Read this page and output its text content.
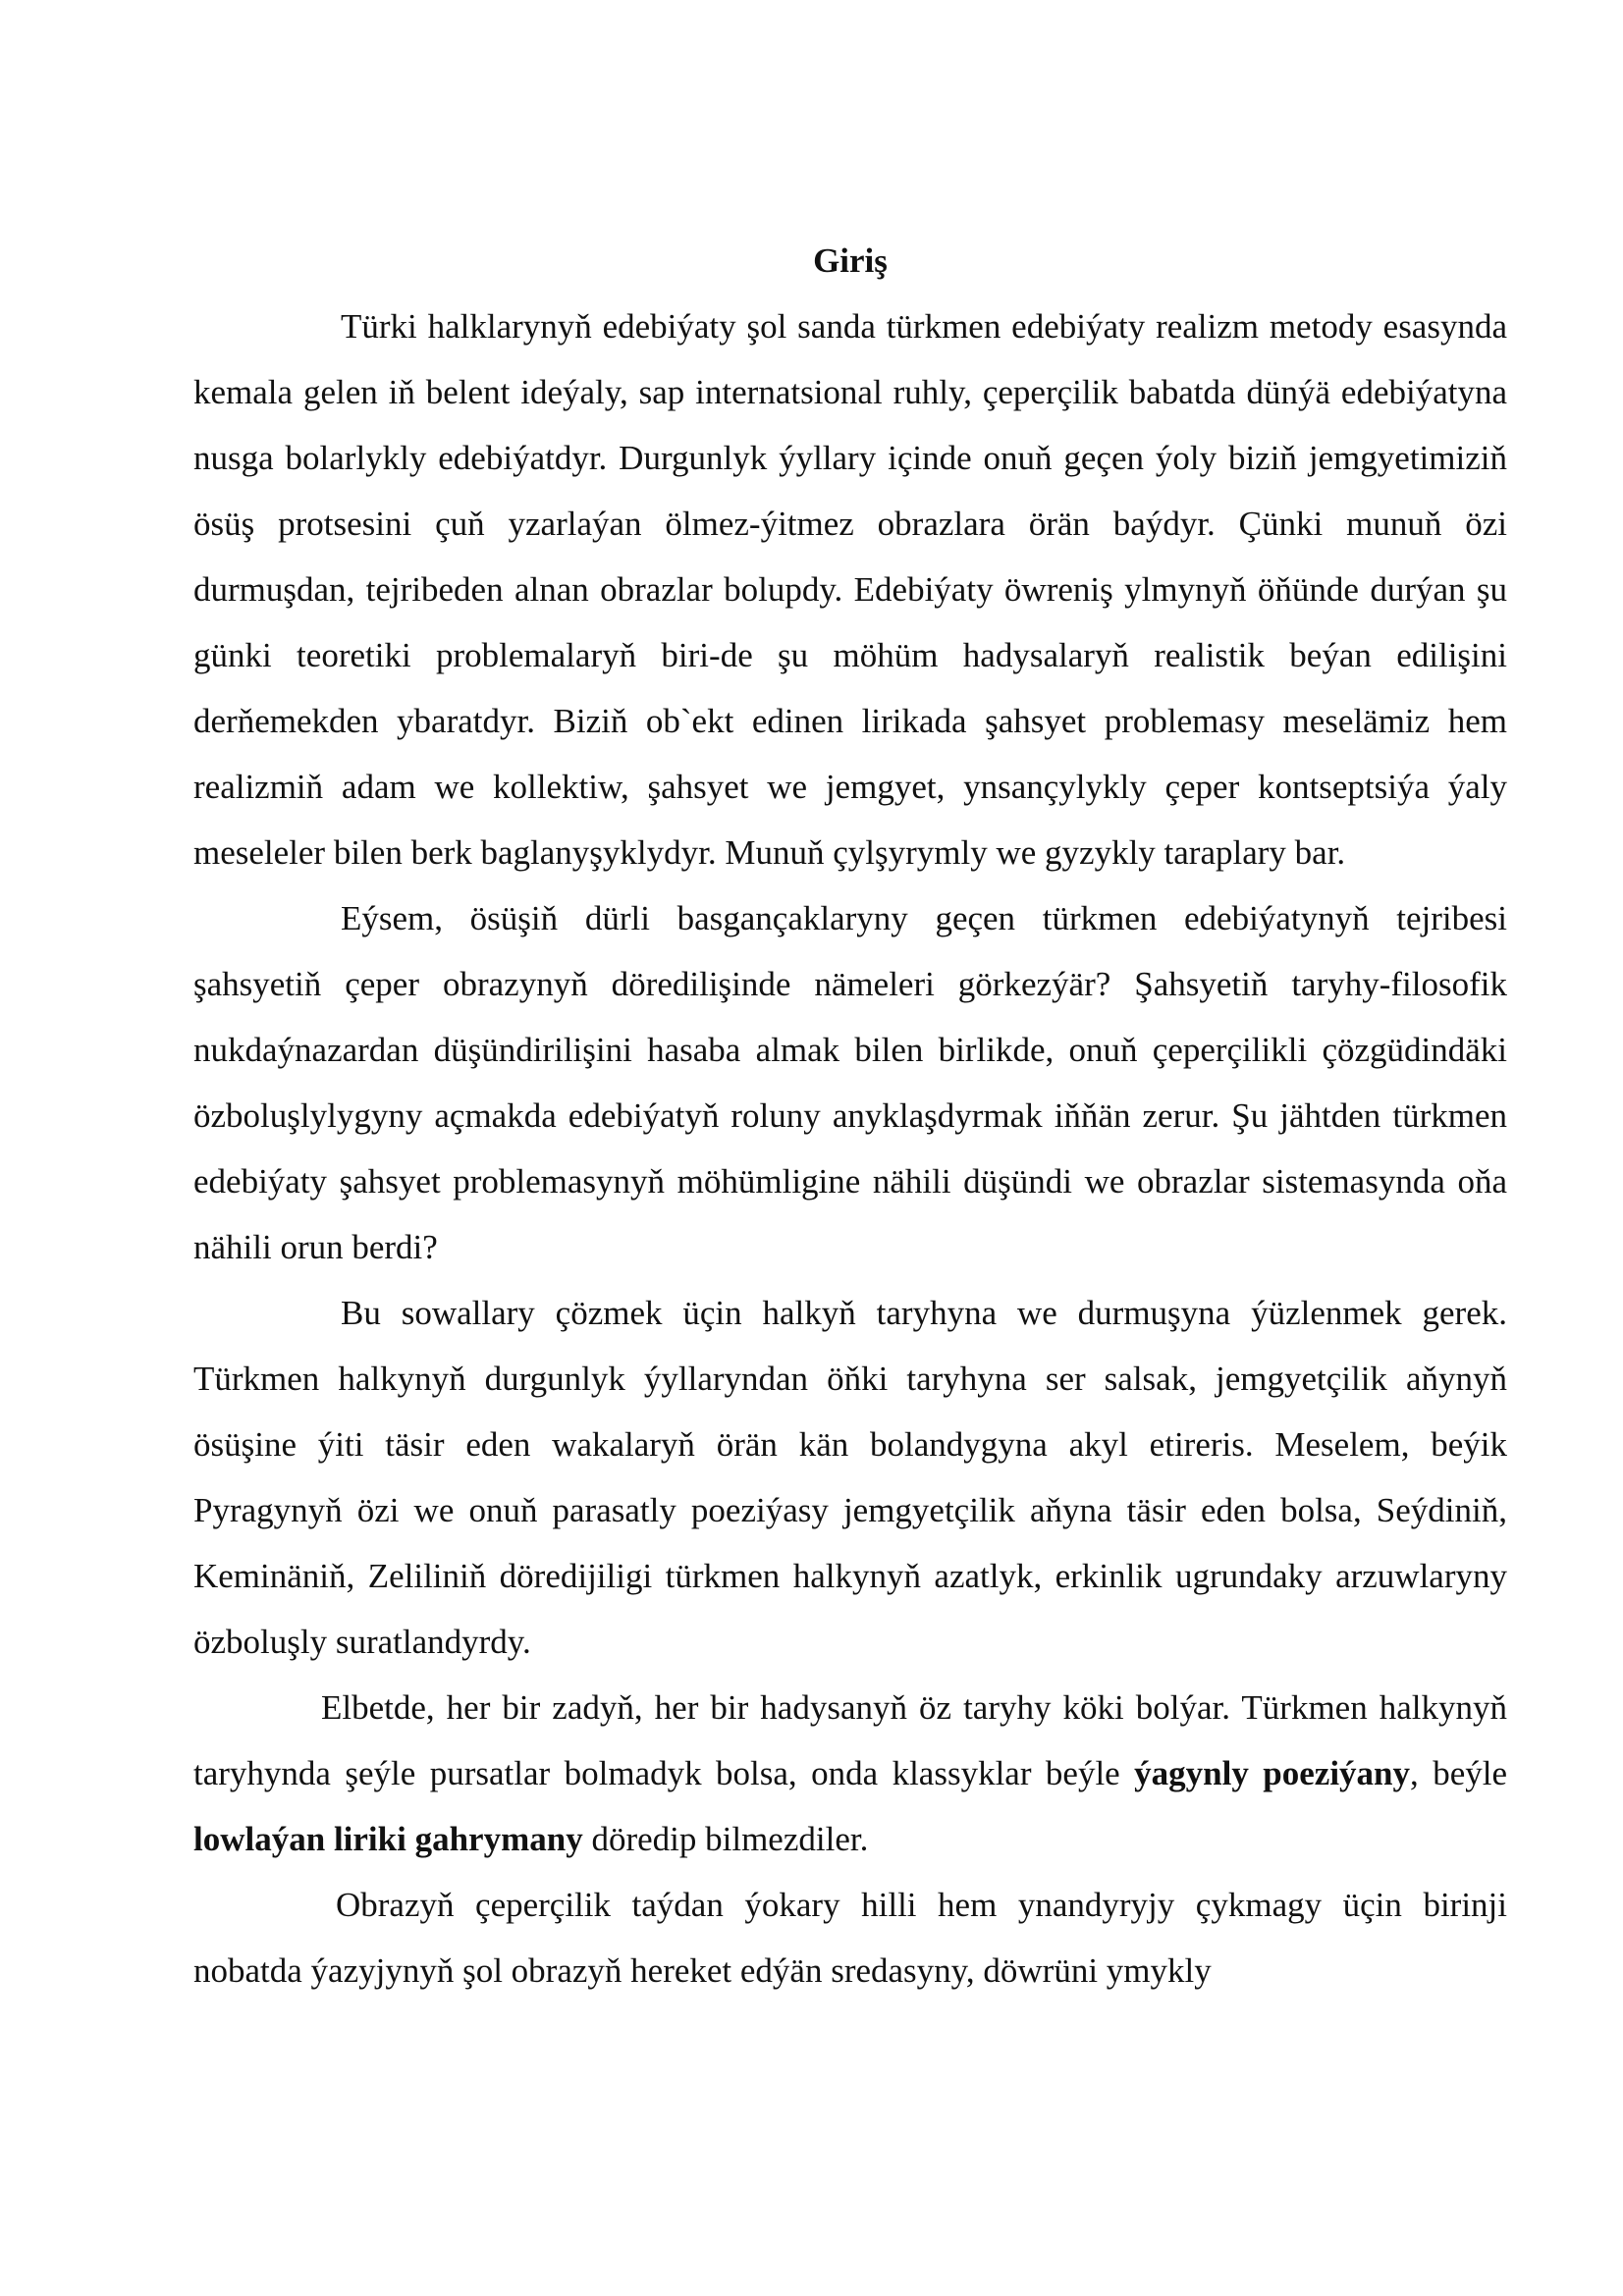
Giriş

Türki halklarynyň edebiýaty şol sanda türkmen edebiýaty realizm metody esasynda kemala gelen iň belent ideýaly, sap internatsional ruhly, çeperçilik babatda dünýä edebiýatyna nusga bolarlykly edebiýatdyr. Durgunlyk ýyllary içinde onuň geçen ýoly biziň jemgyetimiziň ösüş protsesini çuň yzarlaýan ölmez-ýitmez obrazlara örän baýdyr. Çünki munuň özi durmuşdan, tejribeden alnan obrazlar bolupdy. Edebiýaty öwreniş ylmynyň öňünde durýan şu günki teoretiki problemalaryň biri-de şu möhüm hadysalaryň realistik beýan edilişini derňemekden ybaratdyr. Biziň ob`ekt edinen lirikada şahsyet problemasy meselämiz hem realizmiň adam we kollektiw, şahsyet we jemgyet, ynsançylykly çeper kontseptsiýa ýaly meseleler bilen berk baglanyşyklydyr. Munuň çylşyrymly we gyzykly taraplary bar.

Eýsem, ösüşiň dürli basgançaklaryny geçen türkmen edebiýatynyň tejribesi şahsyetiň çeper obrazynyň döredilişinde nämeleri görkezýär? Şahsyetiň taryhy-filosofik nukdaýnazardan düşündirilişini hasaba almak bilen birlikde, onuň çeperçilikli çözgüdindäki özboluşlylygyny açmakda edebiýatyň roluny anyklaşdyrmak iňňän zerur. Şu jähtden türkmen edebiýaty şahsyet problemasynyň möhümligine nähili düşündi we obrazlar sistemasynda oňa nähili orun berdi?

Bu sowallary çözmek üçin halkyň taryhyna we durmuşyna ýüzlenmek gerek. Türkmen halkynyň durgunlyk ýyllaryndan öňki taryhyna ser salsak, jemgyetçilik aňynyň ösüşine ýiti täsir eden wakalaryň örän kän bolandygyna akyl etireris. Meselem, beýik Pyragynyň özi we onuň parasatly poeziýasy jemgyetçilik aňyna täsir eden bolsa, Seýdiniň, Keminäniň, Zeliliniň döredijiligi türkmen halkynyň azatlyk, erkinlik ugrundaky arzuwlaryny özboluşly suratlandyrdy.

Elbetde, her bir zadyň, her bir hadysanyň öz taryhy köki bolýar. Türkmen halkynyň taryhynda şeýle pursatlar bolmadyk bolsa, onda klassyklar beýle ýagynly poeziýany, beýle lowlaýan liriki gahrymany döredip bilmezdiler.

Obrazyň çeperçilik taýdan ýokary hilli hem ynandyryjy çykmagy üçin birinji nobatda ýazyjynyň şol obrazyň hereket edýän sredasyny, döwrüni ymykly
